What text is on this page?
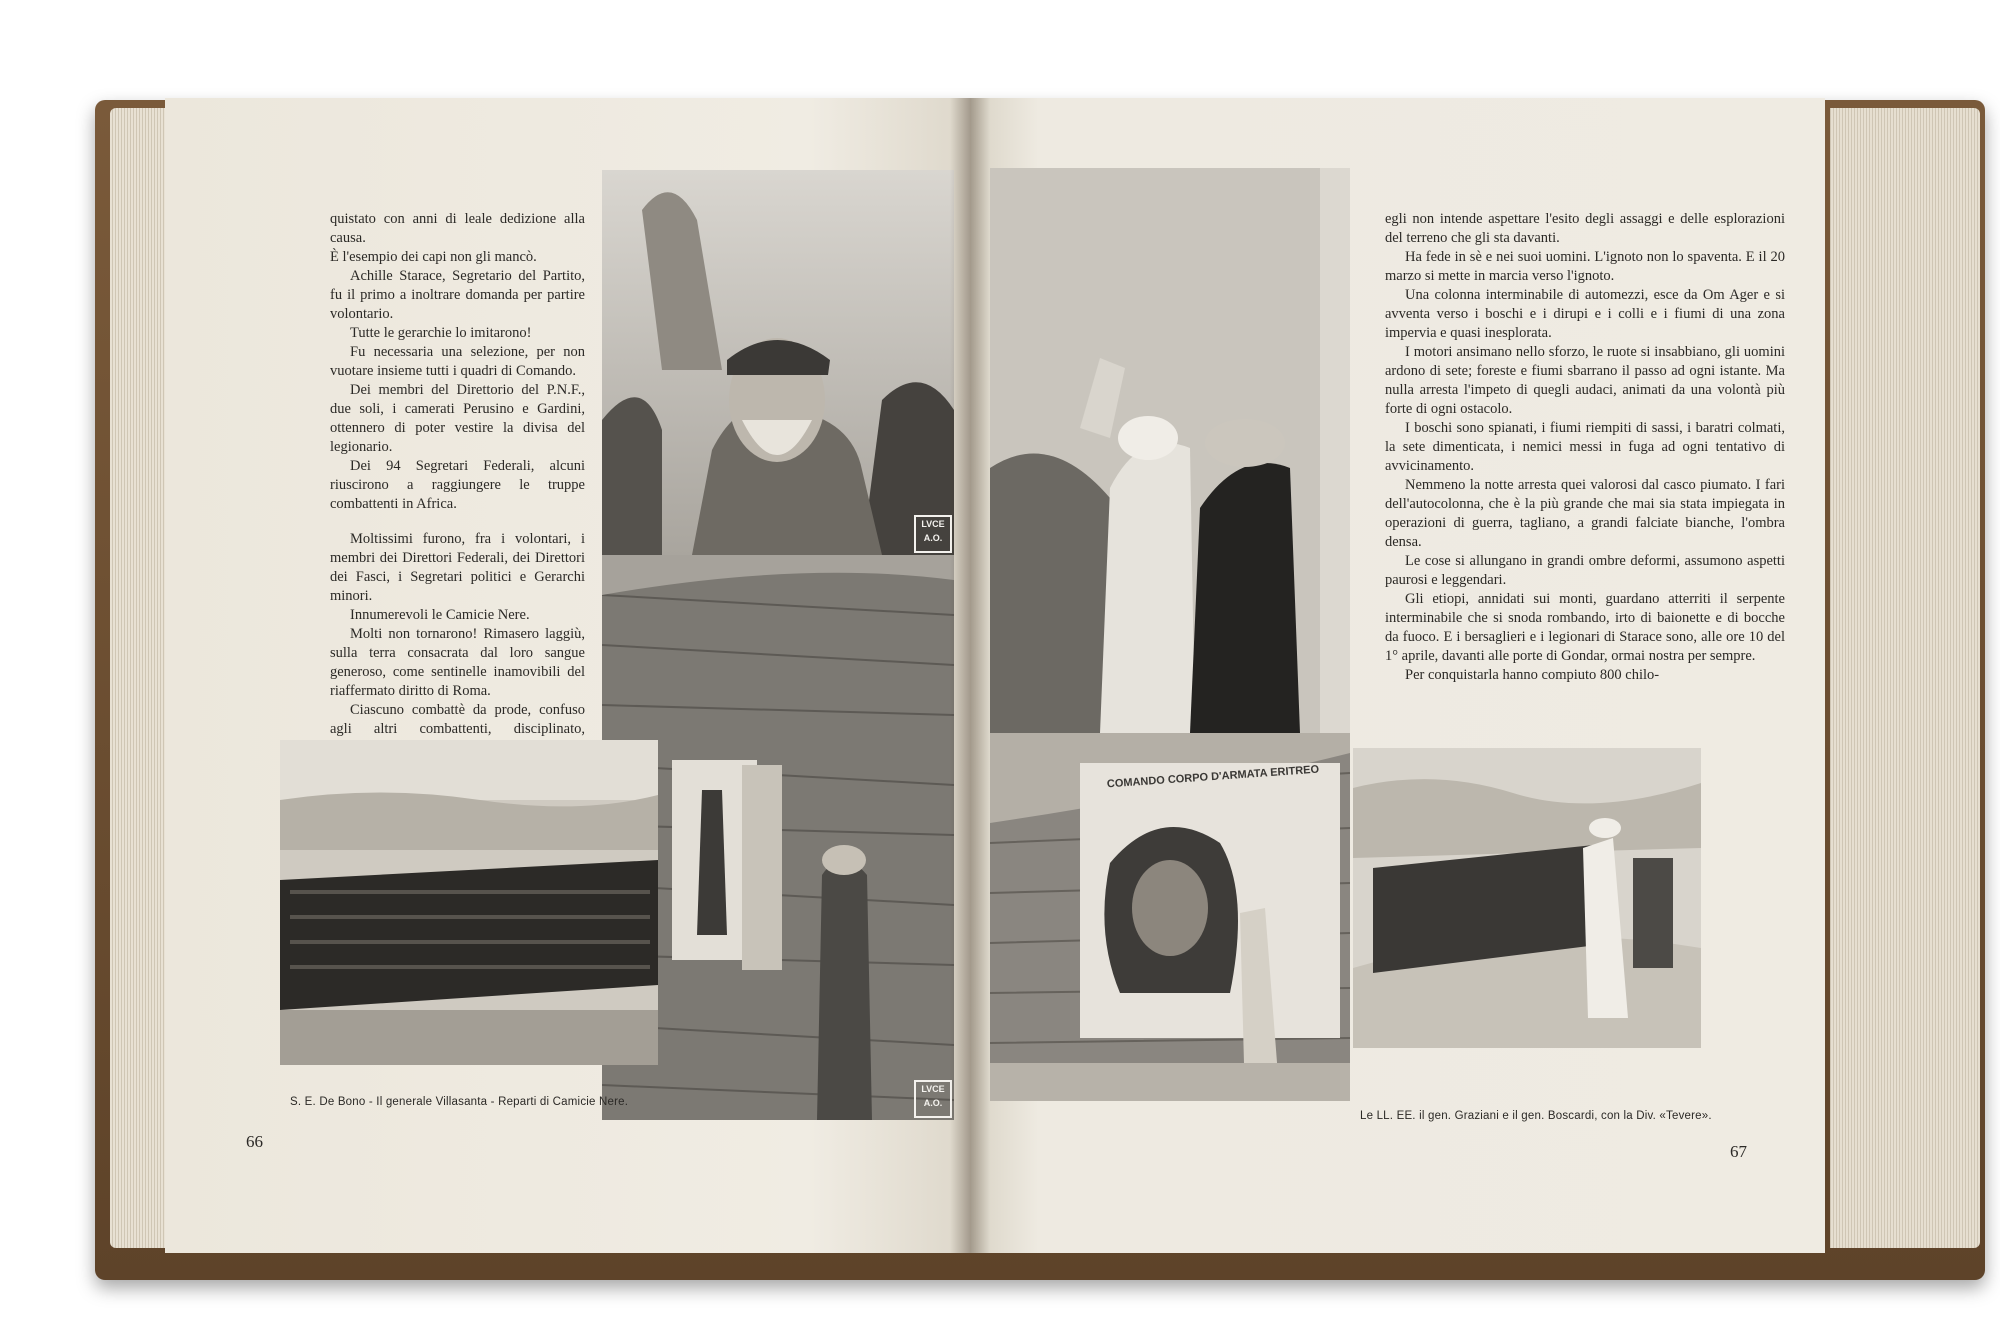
quistato con anni di leale dedizione alla causa.

È l'esempio dei capi non gli mancò.

Achille Starace, Segretario del Partito, fu il primo a inoltrare domanda per partire volontario.

Tutte le gerarchie lo imitarono!

Fu necessaria una selezione, per non vuotare insieme tutti i quadri di Comando.

Dei membri del Direttorio del P.N.F., due soli, i camerati Perusino e Gardini, ottennero di poter vestire la divisa del legionario.

Dei 94 Segretari Federali, alcuni riuscirono a raggiungere le truppe combattenti in Africa.

Moltissimi furono, fra i volontari, i membri dei Direttori Federali, dei Direttori dei Fasci, i Segretari politici e Gerarchi minori.

Innumerevoli le Camicie Nere.

Molti non tornarono! Rimasero laggiù, sulla terra consacrata dal loro sangue generoso, come sentinelle inamovibili del riaffermato diritto di Roma.

Ciascuno combattè da prode, confuso agli altri combattenti, disciplinato,

LVCE A.O.
LVCE A.O.
COMANDO CORPO D'ARMATA ERITREO

egli non intende aspettare l'esito degli assaggi e delle esplorazioni del terreno che gli sta davanti.

Ha fede in sè e nei suoi uomini. L'ignoto non lo spaventa. E il 20 marzo si mette in marcia verso l'ignoto.

Una colonna interminabile di automezzi, esce da Om Ager e si avventa verso i boschi e i dirupi e i colli e i fiumi di una zona impervia e quasi inesplorata.

I motori ansimano nello sforzo, le ruote si insabbiano, gli uomini ardono di sete; foreste e fiumi sbarrano il passo ad ogni istante. Ma nulla arresta l'impeto di quegli audaci, animati da una volontà più forte di ogni ostacolo.

I boschi sono spianati, i fiumi riempiti di sassi, i baratri colmati, la sete dimenticata, i nemici messi in fuga ad ogni tentativo di avvicinamento.

Nemmeno la notte arresta quei valorosi dal casco piumato. I fari dell'autocolonna, che è la più grande che mai sia stata impiegata in operazioni di guerra, tagliano, a grandi falciate bianche, l'ombra densa.

Le cose si allungano in grandi ombre deformi, assumono aspetti paurosi e leggendari.

Gli etiopi, annidati sui monti, guardano atterriti il serpente interminabile che si snoda rombando, irto di baionette e di bocche da fuoco. E i bersaglieri e i legionari di Starace sono, alle ore 10 del 1° aprile, davanti alle porte di Gondar, ormai nostra per sempre.

Per conquistarla hanno compiuto 800 chilo-

S. E. De Bono - Il generale Villasanta - Reparti di Camicie Nere.
Le LL. EE. il gen. Graziani e il gen. Boscardi, con la Div. «Tevere».
66
67
